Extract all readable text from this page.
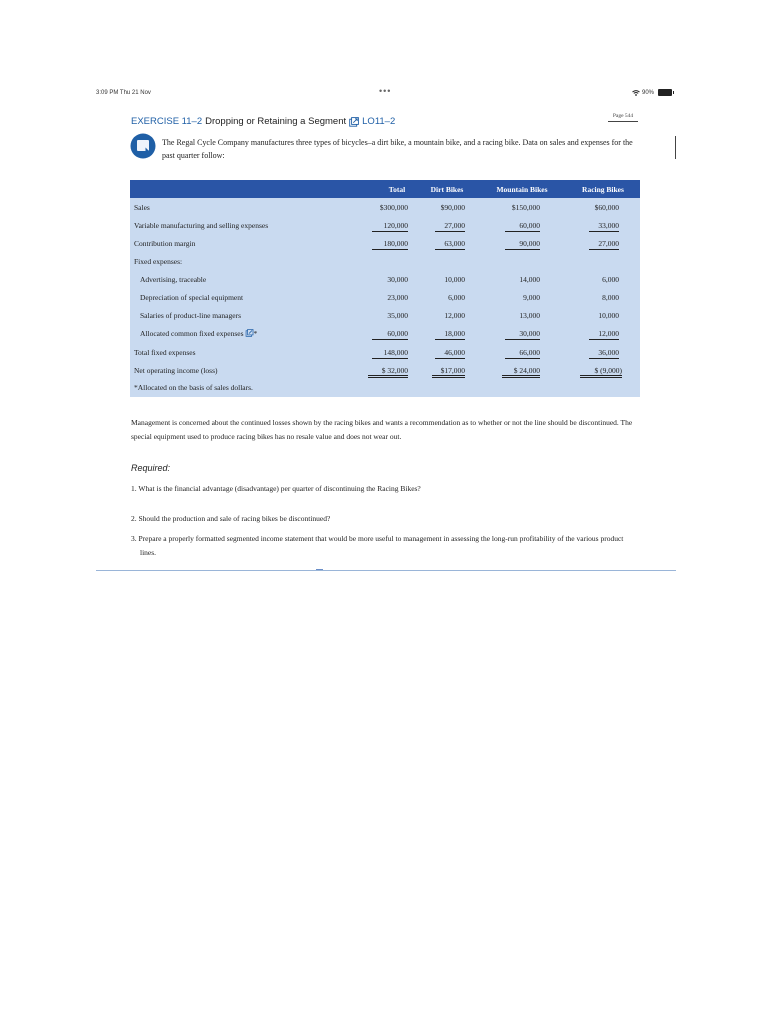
3:09 PM Thu 21 Nov	•••	90%
EXERCISE 11–2 Dropping or Retaining a Segment LO11–2	Page 544
The Regal Cycle Company manufactures three types of bicycles–a dirt bike, a mountain bike, and a racing bike. Data on sales and expenses for the past quarter follow:
Total	Dirt Bikes	Mountain Bikes	Racing Bikes
Sales	$300,000	$90,000	$150,000	$60,000
Variable manufacturing and selling expenses	120,000	27,000	60,000	33,000
Contribution margin	180,000	63,000	90,000	27,000
Fixed expenses:
Advertising, traceable	30,000	10,000	14,000	6,000
Depreciation of special equipment	23,000	6,000	9,000	8,000
Salaries of product-line managers	35,000	12,000	13,000	10,000
Allocated common fixed expenses *	60,000	18,000	30,000	12,000
Total fixed expenses	148,000	46,000	66,000	36,000
Net operating income (loss)	$ 32,000	$17,000	$ 24,000	$ (9,000)
*Allocated on the basis of sales dollars.
Management is concerned about the continued losses shown by the racing bikes and wants a recommendation as to whether or not the line should be discontinued. The special equipment used to produce racing bikes has no resale value and does not wear out.
Required:
1. What is the financial advantage (disadvantage) per quarter of discontinuing the Racing Bikes?
2. Should the production and sale of racing bikes be discontinued?
3. Prepare a properly formatted segmented income statement that would be more useful to management in assessing the long-run profitability of the various product lines.
